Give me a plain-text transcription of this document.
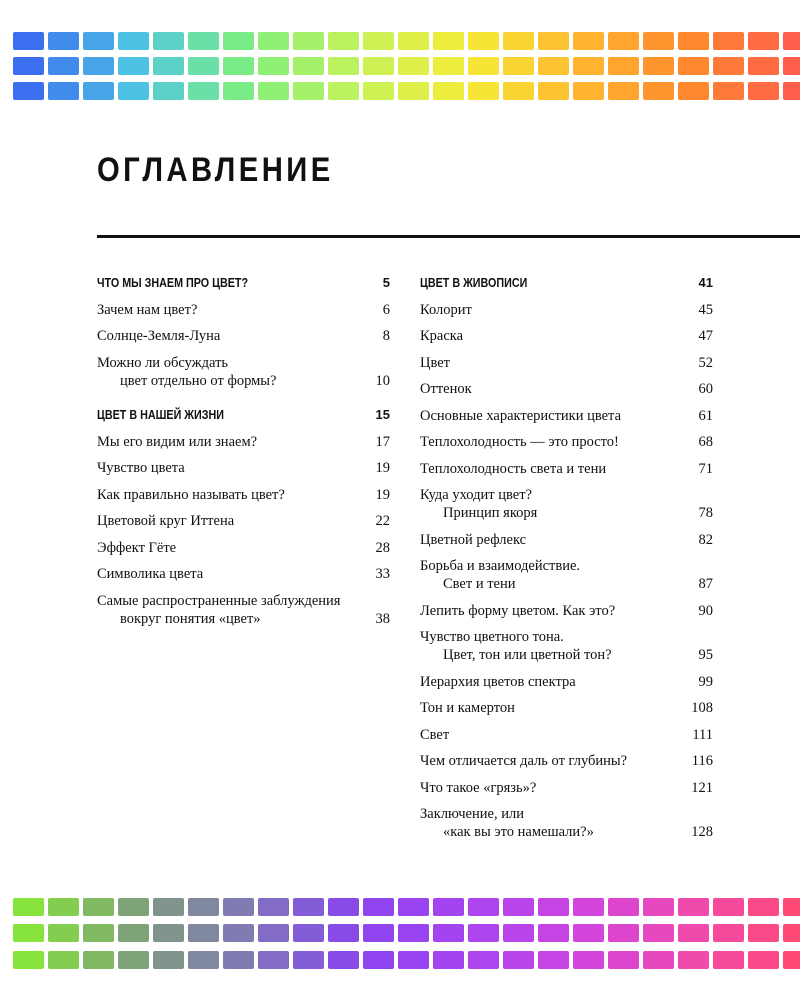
ОГЛАВЛЕНИЕ
ЧТО МЫ ЗНАЕМ ПРО ЦВЕТ?	5
Зачем нам цвет?	6
Солнце-Земля-Луна	8
Можно ли обсуждать
цвет отдельно от формы?	10
ЦВЕТ В НАШЕЙ ЖИЗНИ	15
Мы его видим или знаем?	17
Чувство цвета	19
Как правильно называть цвет?	19
Цветовой круг Иттена	22
Эффект Гёте	28
Символика цвета	33
Самые распространенные заблуждения
вокруг понятия «цвет»	38
ЦВЕТ В ЖИВОПИСИ	41
Колорит	45
Краска	47
Цвет	52
Оттенок	60
Основные характеристики цвета	61
Теплохолодность — это просто!	68
Теплохолодность света и тени	71
Куда уходит цвет?
Принцип якоря	78
Цветной рефлекс	82
Борьба и взаимодействие.
Свет и тени	87
Лепить форму цветом. Как это?	90
Чувство цветного тона.
Цвет, тон или цветной тон?	95
Иерархия цветов спектра	99
Тон и камертон	108
Свет	111
Чем отличается даль от глубины?	116
Что такое «грязь»?	121
Заключение, или
«как вы это намешали?»	128
